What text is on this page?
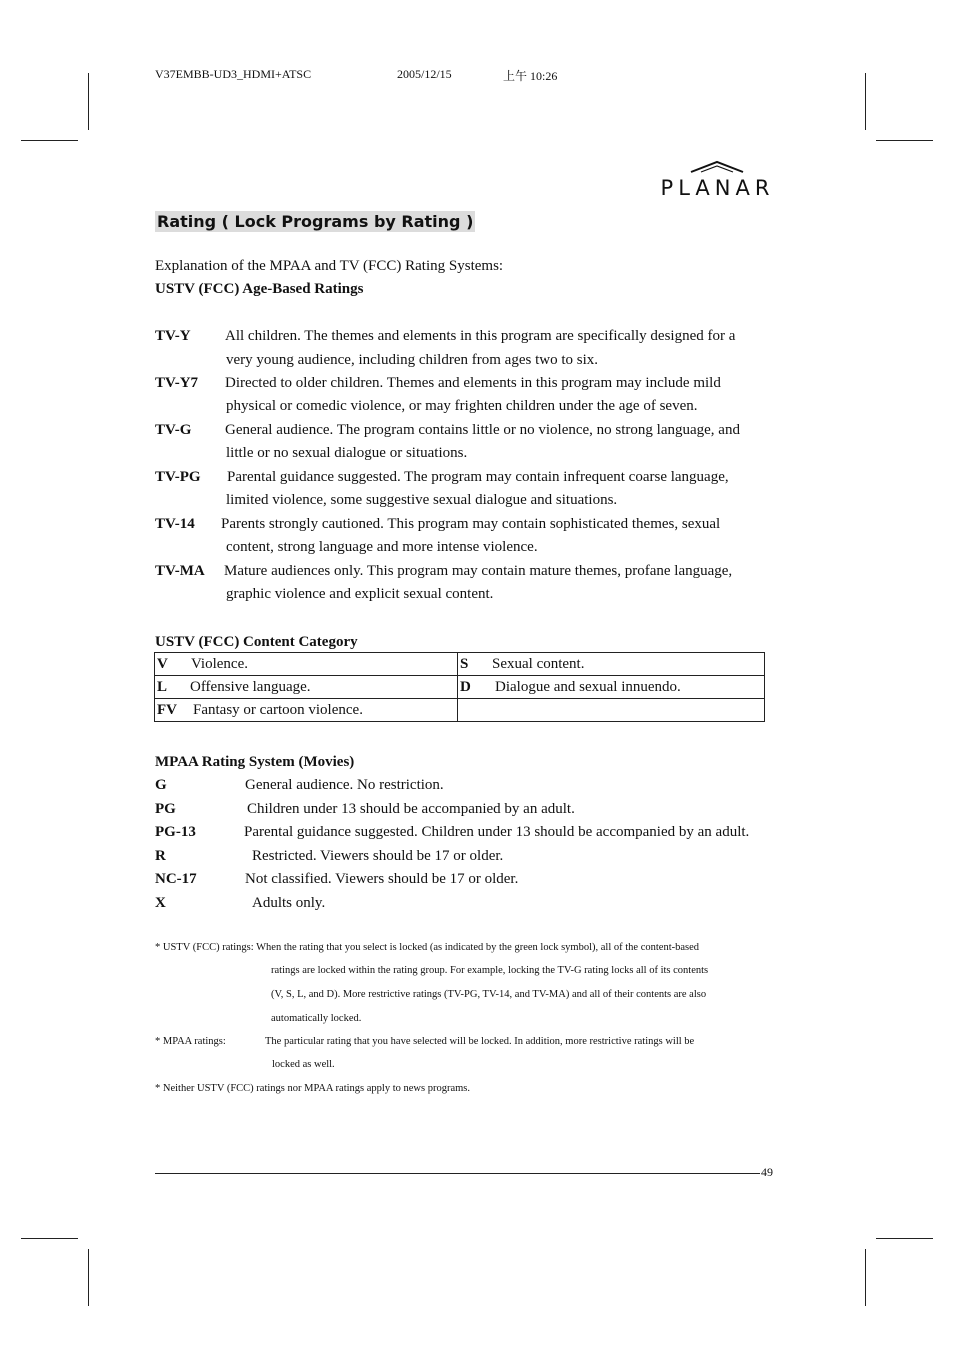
V37EMBB-UD3_HDMI+ATSC	2005/12/15	上午 10:26
PLANAR
Rating ( Lock Programs by Rating )
Explanation of the MPAA and TV (FCC) Rating Systems:
USTV (FCC) Age-Based Ratings
TV-Y All children. The themes and elements in this program are specifically designed for a
very young audience, including children from ages two to six.
TV-Y7 Directed to older children. Themes and elements in this program may include mild
physical or comedic violence, or may frighten children under the age of seven.
TV-G General audience. The program contains little or no violence, no strong language, and
little or no sexual dialogue or situations.
TV-PG Parental guidance suggested. The program may contain infrequent coarse language,
limited violence, some suggestive sexual dialogue and situations.
TV-14 Parents strongly cautioned. This program may contain sophisticated themes, sexual
content, strong language and more intense violence.
TV-MA Mature audiences only. This program may contain mature themes, profane language,
graphic violence and explicit sexual content.
USTV (FCC) Content Category
V Violence.	S Sexual content.
L Offensive language.	D Dialogue and sexual innuendo.
FV Fantasy or cartoon violence.	
MPAA Rating System (Movies)
G	General audience. No restriction.
PG	Children under 13 should be accompanied by an adult.
PG-13	Parental guidance suggested. Children under 13 should be accompanied by an adult.
R	Restricted. Viewers should be 17 or older.
NC-17	Not classified. Viewers should be 17 or older.
X	Adults only.
* USTV (FCC) ratings: When the rating that you select is locked (as indicated by the green lock symbol), all of the content-based
ratings are locked within the rating group. For example, locking the TV-G rating locks all of its contents
(V, S, L, and D). More restrictive ratings (TV-PG, TV-14, and TV-MA) and all of their contents are also
automatically locked.
* MPAA ratings:	The particular rating that you have selected will be locked. In addition, more restrictive ratings will be
locked as well.
* Neither USTV (FCC) ratings nor MPAA ratings apply to news programs.
49
